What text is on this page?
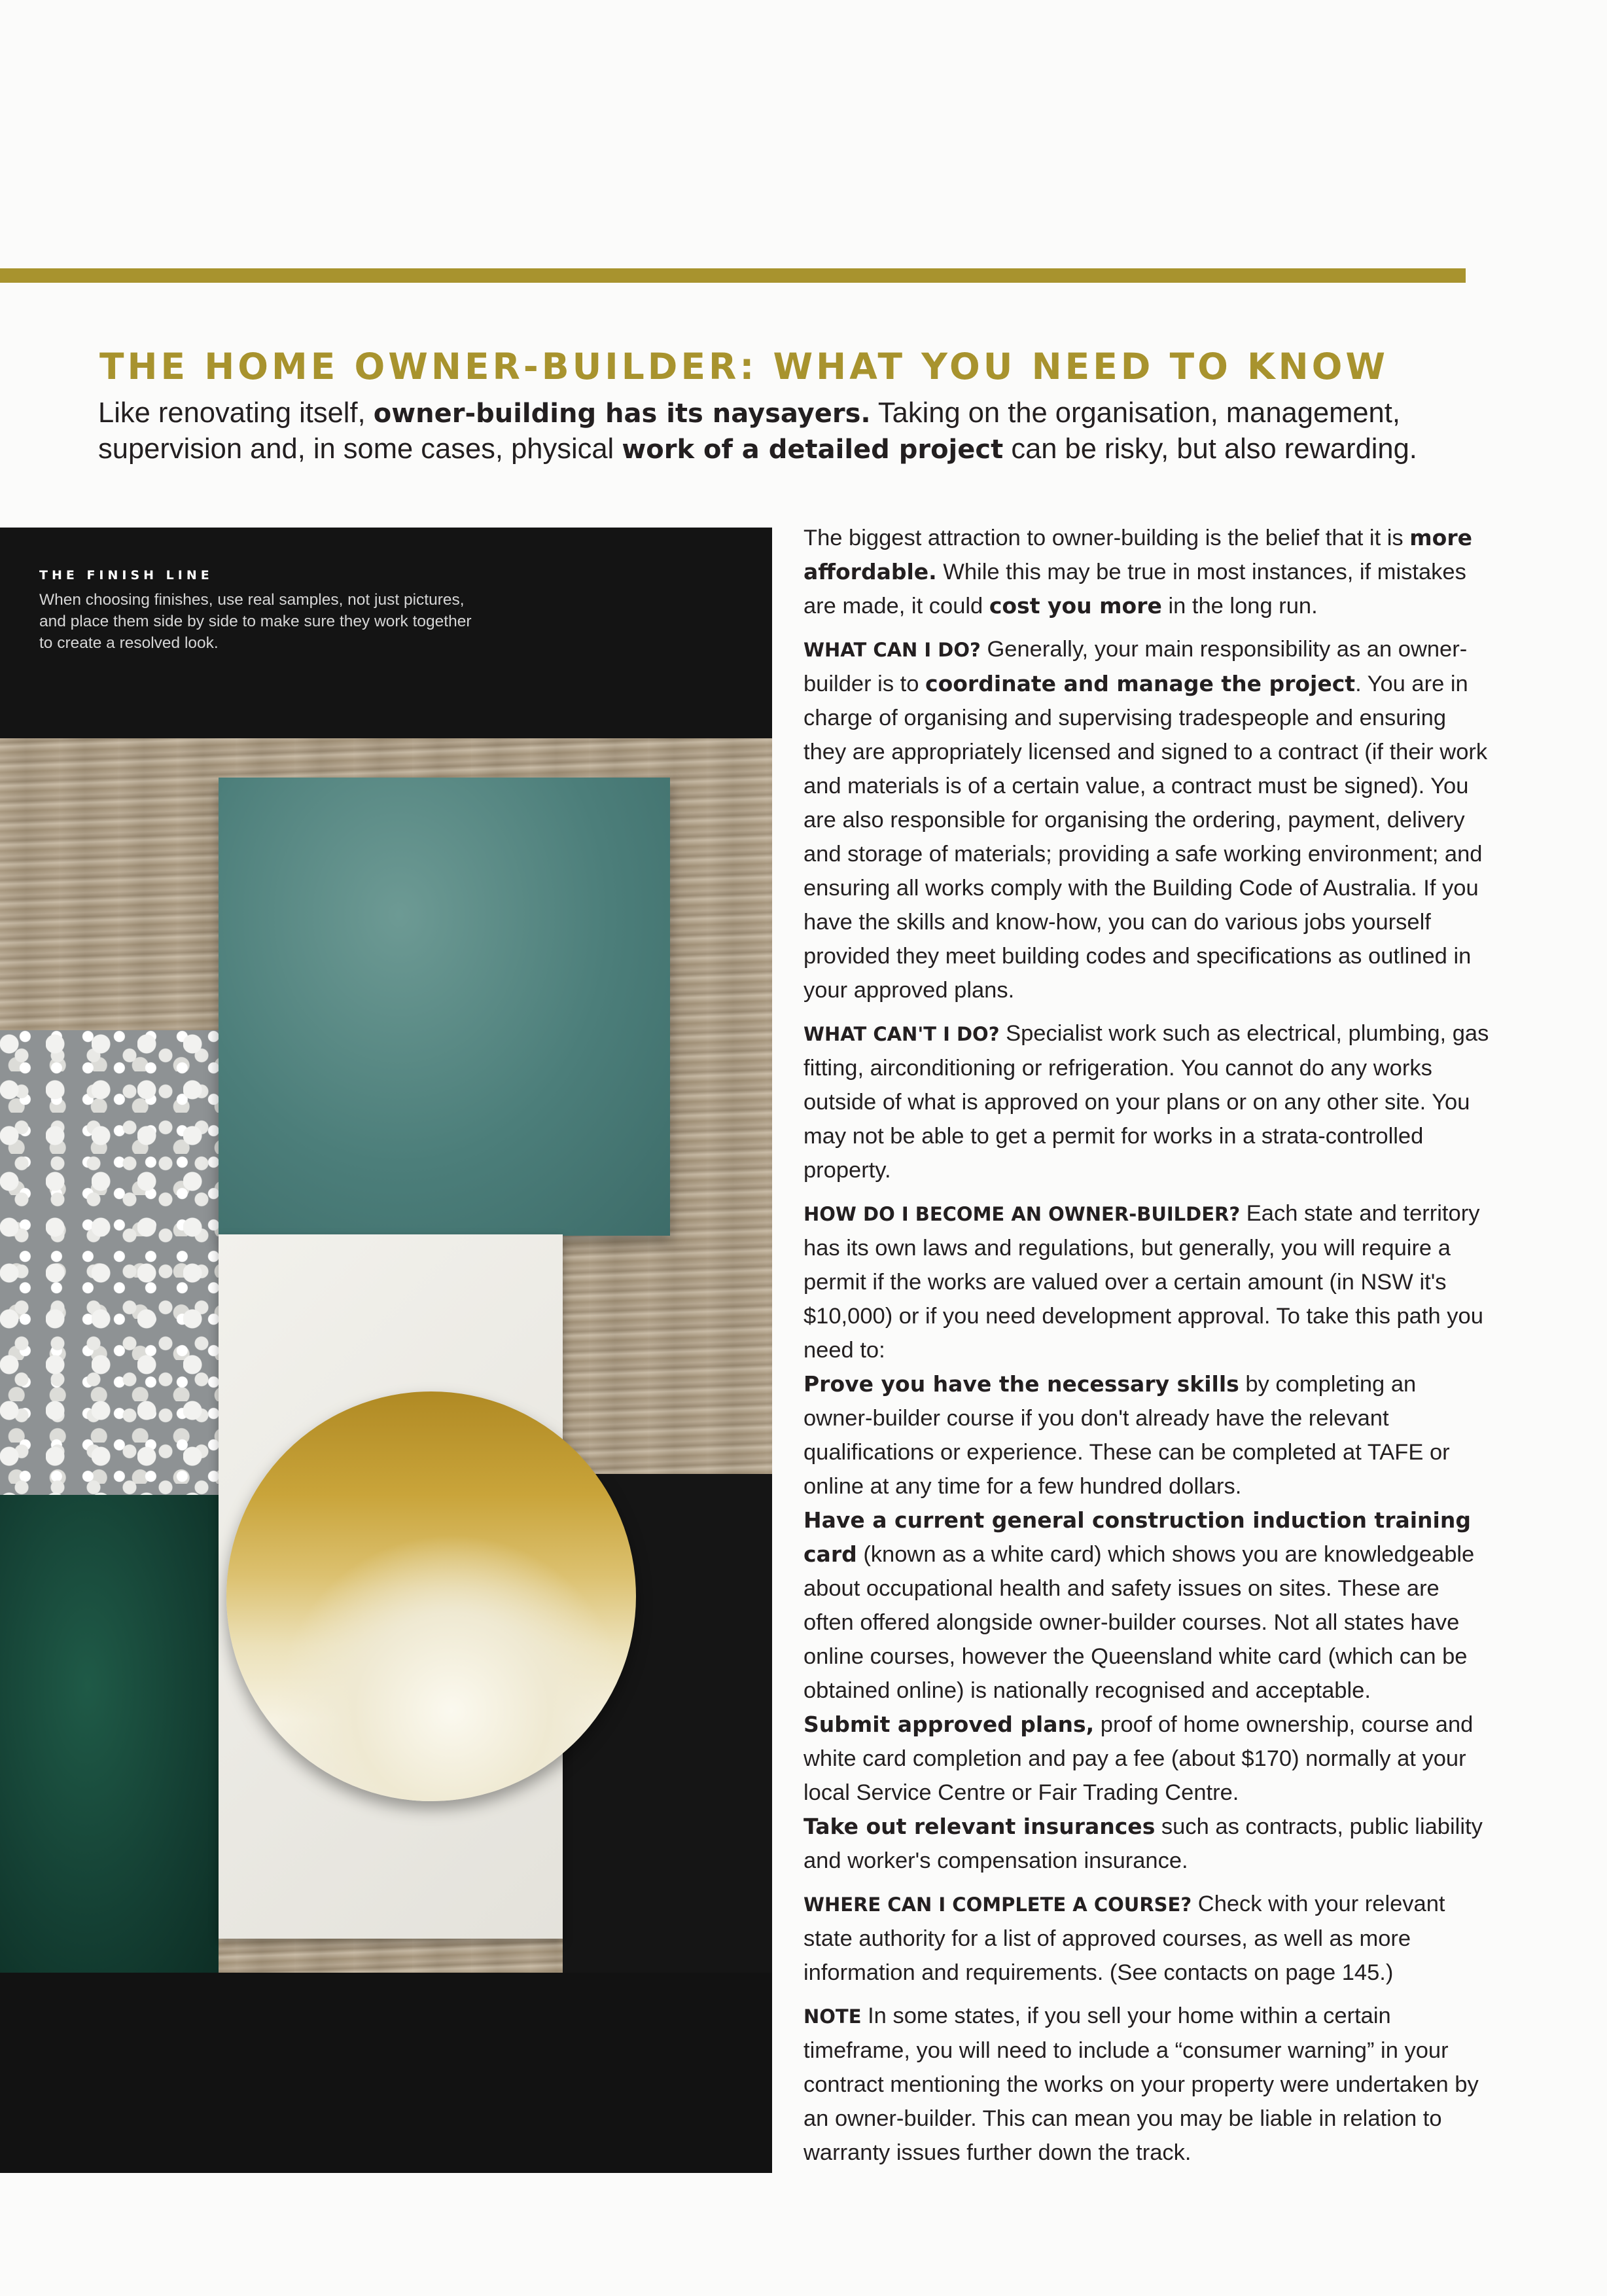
THE HOME OWNER-BUILDER: WHAT YOU NEED TO KNOW

Like renovating itself, owner-building has its naysayers. Taking on the organisation, management, supervision and, in some cases, physical work of a detailed project can be risky, but also rewarding.

THE FINISH LINE
When choosing finishes, use real samples, not just pictures, and place them side by side to make sure they work together to create a resolved look.

The biggest attraction to owner-building is the belief that it is more affordable. While this may be true in most instances, if mistakes are made, it could cost you more in the long run.

WHAT CAN I DO? Generally, your main responsibility as an owner-builder is to coordinate and manage the project. You are in charge of organising and supervising tradespeople and ensuring they are appropriately licensed and signed to a contract (if their work and materials is of a certain value, a contract must be signed). You are also responsible for organising the ordering, payment, delivery and storage of materials; providing a safe working environment; and ensuring all works comply with the Building Code of Australia. If you have the skills and know-how, you can do various jobs yourself provided they meet building codes and specifications as outlined in your approved plans.

WHAT CAN'T I DO? Specialist work such as electrical, plumbing, gas fitting, airconditioning or refrigeration. You cannot do any works outside of what is approved on your plans or on any other site. You may not be able to get a permit for works in a strata-controlled property.

HOW DO I BECOME AN OWNER-BUILDER? Each state and territory has its own laws and regulations, but generally, you will require a permit if the works are valued over a certain amount (in NSW it's $10,000) or if you need development approval. To take this path you need to:

Prove you have the necessary skills by completing an owner-builder course if you don't already have the relevant qualifications or experience. These can be completed at TAFE or online at any time for a few hundred dollars.

Have a current general construction induction training card (known as a white card) which shows you are knowledgeable about occupational health and safety issues on sites. These are often offered alongside owner-builder courses. Not all states have online courses, however the Queensland white card (which can be obtained online) is nationally recognised and acceptable.

Submit approved plans, proof of home ownership, course and white card completion and pay a fee (about $170) normally at your local Service Centre or Fair Trading Centre.

Take out relevant insurances such as contracts, public liability and worker's compensation insurance.

WHERE CAN I COMPLETE A COURSE? Check with your relevant state authority for a list of approved courses, as well as more information and requirements. (See contacts on page 145.)

NOTE In some states, if you sell your home within a certain timeframe, you will need to include a “consumer warning” in your contract mentioning the works on your property were undertaken by an owner-builder. This can mean you may be liable in relation to warranty issues further down the track.
